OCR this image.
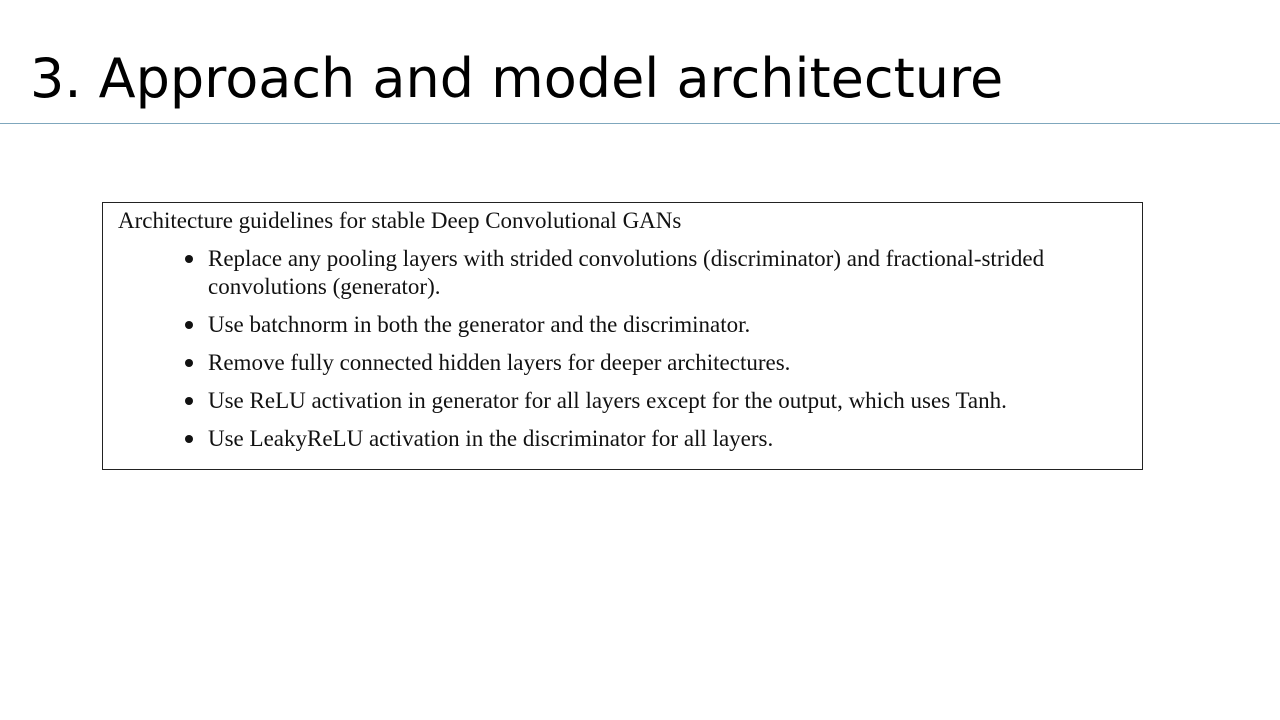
3. Approach and model architecture
Architecture guidelines for stable Deep Convolutional GANs
Replace any pooling layers with strided convolutions (discriminator) and fractional-strided convolutions (generator).
Use batchnorm in both the generator and the discriminator.
Remove fully connected hidden layers for deeper architectures.
Use ReLU activation in generator for all layers except for the output, which uses Tanh.
Use LeakyReLU activation in the discriminator for all layers.
